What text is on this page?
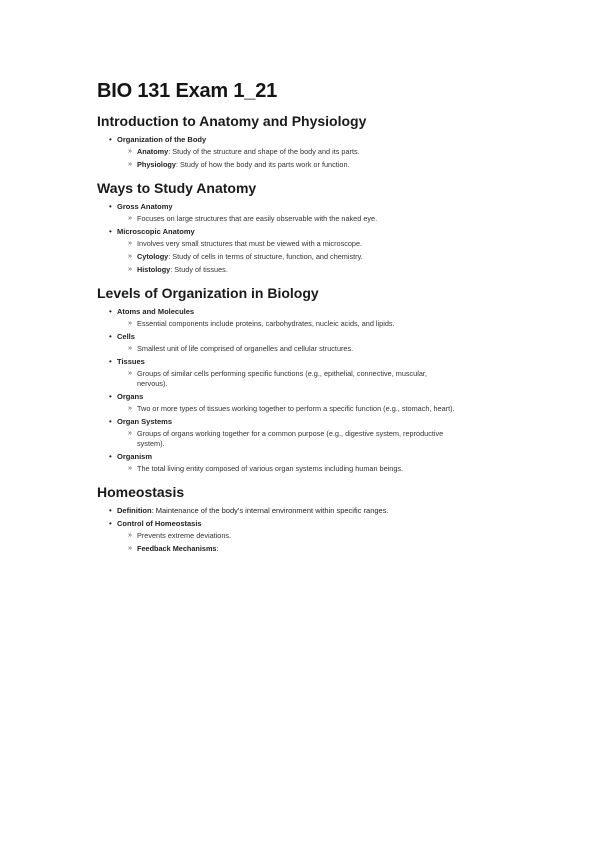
BIO 131 Exam 1_21
Introduction to Anatomy and Physiology
• Organization of the Body
» Anatomy: Study of the structure and shape of the body and its parts.
» Physiology: Study of how the body and its parts work or function.
Ways to Study Anatomy
• Gross Anatomy
» Focuses on large structures that are easily observable with the naked eye.
• Microscopic Anatomy
» Involves very small structures that must be viewed with a microscope.
» Cytology: Study of cells in terms of structure, function, and chemistry.
» Histology: Study of tissues.
Levels of Organization in Biology
• Atoms and Molecules
» Essential components include proteins, carbohydrates, nucleic acids, and lipids.
• Cells
» Smallest unit of life comprised of organelles and cellular structures.
• Tissues
» Groups of similar cells performing specific functions (e.g., epithelial, connective, muscular, nervous).
• Organs
» Two or more types of tissues working together to perform a specific function (e.g., stomach, heart).
• Organ Systems
» Groups of organs working together for a common purpose (e.g., digestive system, reproductive system).
• Organism
» The total living entity composed of various organ systems including human beings.
Homeostasis
• Definition: Maintenance of the body's internal environment within specific ranges.
• Control of Homeostasis
» Prevents extreme deviations.
» Feedback Mechanisms:
